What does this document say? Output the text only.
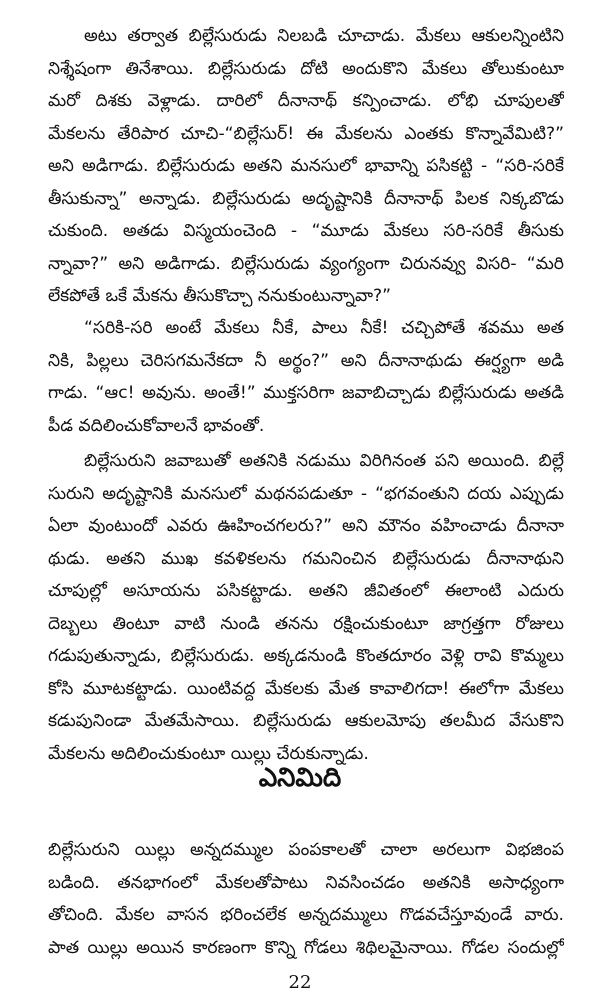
అటు తర్వాత బిల్లేసురుడు నిలబడి చూచాడు. మేకలు ఆకులన్నింటిని
నిశ్శేషంగా తినేశాయి. బిల్లేసురుడు దోటి అందుకొని మేకలు తోలుకుంటూ
మరో దిశకు వెళ్లాడు. దారిలో దీనానాథ్ కన్పించాడు. లోభి చూపులతో
మేకలను తేరిపార చూచి-“బిల్లేసుర్! ఈ మేకలను ఎంతకు కొన్నావేమిటి?”
అని అడిగాడు. బిల్లేసురుడు అతని మనసులో భావాన్ని పసికట్టి - “సరి-సరికే
తీసుకున్నా” అన్నాడు. బిల్లేసురుడు అదృష్టానికి దీనానాథ్ పిలక నిక్కబొడు
చుకుంది. అతడు విస్మయంచెంది - “మూడు మేకలు సరి-సరికే తీసుకు
న్నావా?” అని అడిగాడు. బిల్లేసురుడు వ్యంగ్యంగా చిరునవ్వు విసరి- “మరి
లేకపోతే ఒకే మేకను తీసుకొచ్చా ననుకుంటున్నావా?”
“సరికి-సరి అంటే మేకలు నీకే, పాలు నీకే! చచ్చిపోతే శవము అత
నికి, పిల్లలు చెరిసగమనేకదా నీ అర్థం?” అని దీనానాథుడు ఈర్ష్యగా అడి
గాడు. “ఆc! అవును. అంతే!” ముక్తసరిగా జవాబిచ్చాడు బిల్లేసురుడు అతడి
పీడ వదిలించుకోవాలనే భావంతో.
బిల్లేసురుని జవాబుతో అతనికి నడుము విరిగినంత పని అయింది. బిల్లే
సురుని అదృష్టానికి మనసులో మథనపడుతూ - “భగవంతుని దయ ఎప్పుడు
ఏలా వుంటుందో ఎవరు ఊహించగలరు?” అని మౌనం వహించాడు దీనానా
థుడు. అతని ముఖ కవళికలను గమనించిన బిల్లేసురుడు దీనానాథుని
చూపుల్లో అసూయను పసికట్టాడు. అతని జీవితంలో ఈలాంటి ఎదురు
దెబ్బలు తింటూ వాటి నుండి తనను రక్షించుకుంటూ జాగ్రత్తగా రోజులు
గడుపుతున్నాడు, బిల్లేసురుడు. అక్కడనుండి కొంతదూరం వెళ్లి రావి కొమ్మలు
కోసి మూటకట్టాడు. యింటివద్ద మేకలకు మేత కావాలిగదా! ఈలోగా మేకలు
కడుపునిండా మేతమేసాయి. బిల్లేసురుడు ఆకులమోపు తలమీద వేసుకొని
మేకలను అదిలించుకుంటూ యిల్లు చేరుకున్నాడు.
ఎనిమిది
బిల్లేసురుని యిల్లు అన్నదమ్ముల పంపకాలతో చాలా అరలుగా విభజింప
బడింది. తనభాగంలో మేకలతోపాటు నివసించడం అతనికి అసాధ్యంగా
తోచింది. మేకల వాసన భరించలేక అన్నదమ్ములు గొడవచేస్తూవుండే వారు.
పాత యిల్లు అయిన కారణంగా కొన్ని గోడలు శిథిలమైనాయి. గోడల సందుల్లో
22
